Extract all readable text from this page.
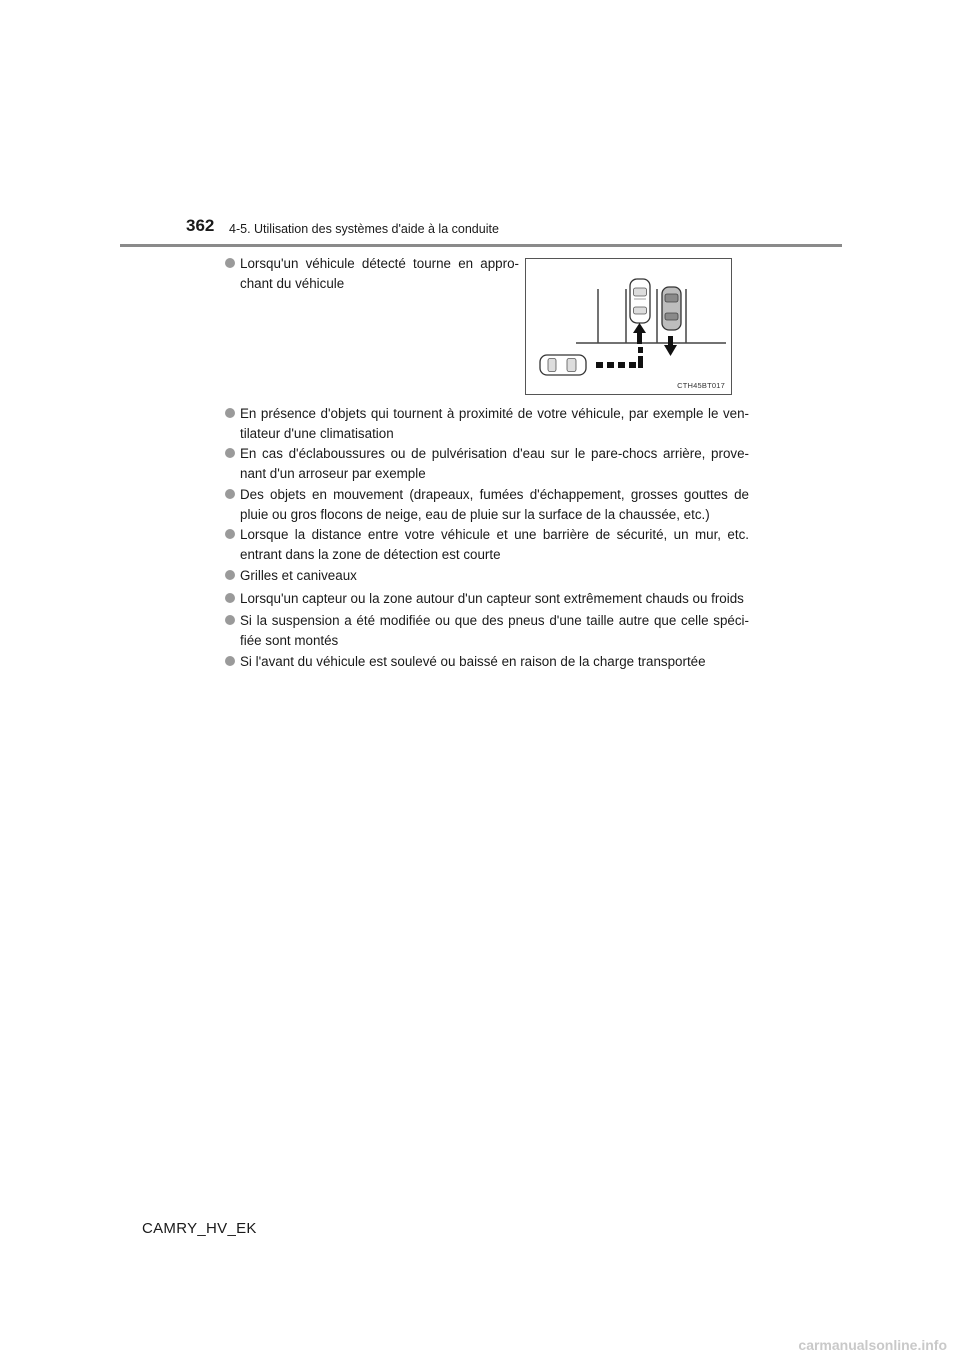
362 4-5. Utilisation des systèmes d'aide à la conduite
Lorsqu'un véhicule détecté tourne en appro-chant du véhicule
CTH45BT017
En présence d'objets qui tournent à proximité de votre véhicule, par exemple le ven-tilateur d'une climatisation
En cas d'éclaboussures ou de pulvérisation d'eau sur le pare-chocs arrière, prove-nant d'un arroseur par exemple
Des objets en mouvement (drapeaux, fumées d'échappement, grosses gouttes de pluie ou gros flocons de neige, eau de pluie sur la surface de la chaussée, etc.)
Lorsque la distance entre votre véhicule et une barrière de sécurité, un mur, etc. entrant dans la zone de détection est courte
Grilles et caniveaux
Lorsqu'un capteur ou la zone autour d'un capteur sont extrêmement chauds ou froids
Si la suspension a été modifiée ou que des pneus d'une taille autre que celle spéci-fiée sont montés
Si l'avant du véhicule est soulevé ou baissé en raison de la charge transportée
CAMRY_HV_EK
carmanualsonline.info
